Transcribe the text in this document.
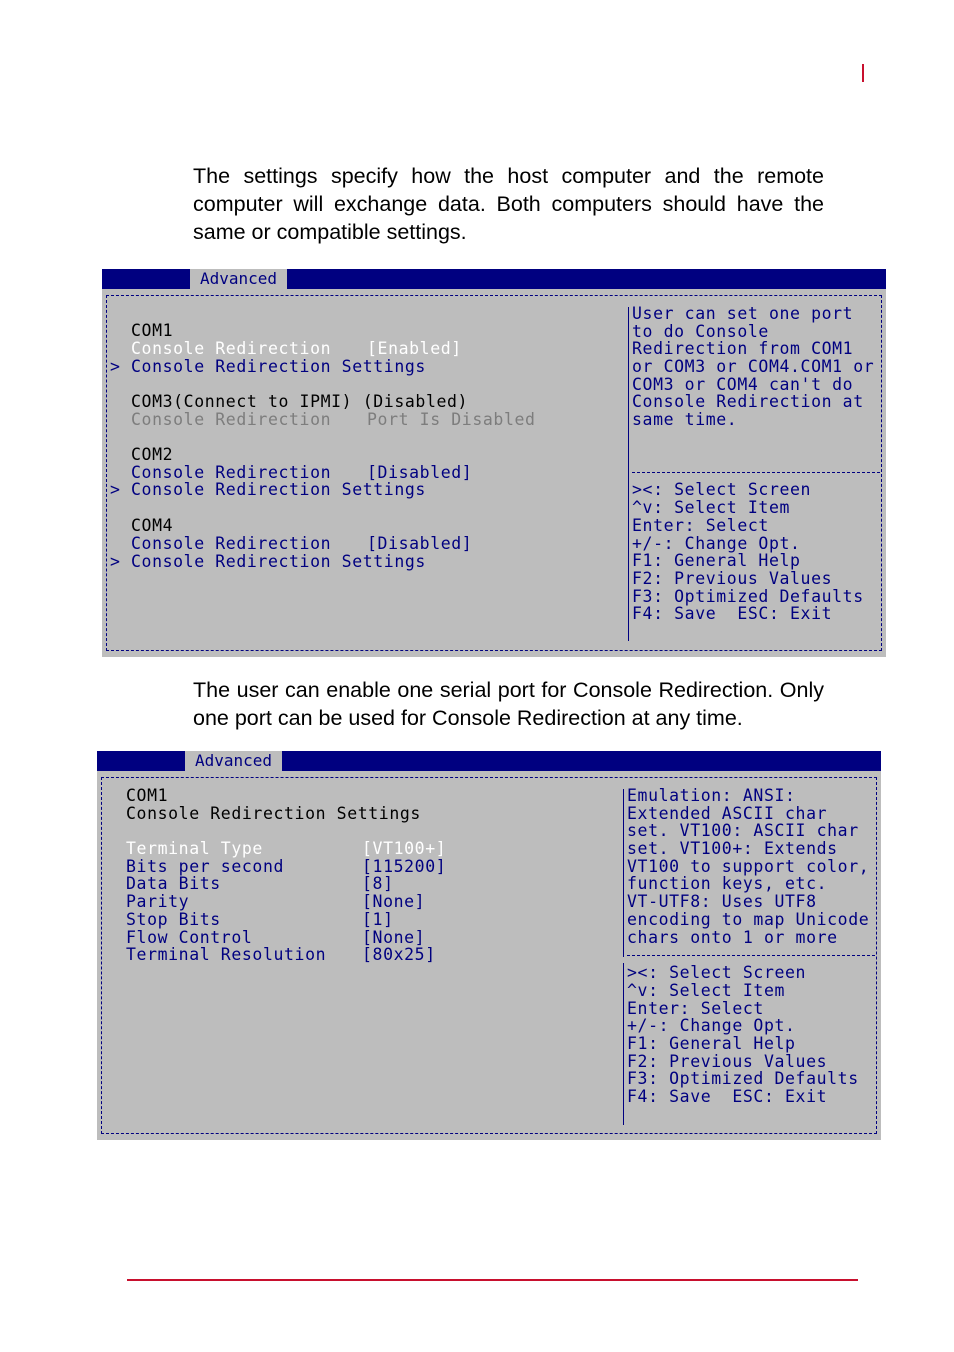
The settings specify how the host computer and the remote computer will exchange data. Both computers should have the same or compatible settings.
Advanced
COM1
Console Redirection [Enabled]
> Console Redirection Settings
COM3(Connect to IPMI) (Disabled)
Console Redirection Port Is Disabled
COM2
Console Redirection [Disabled]
> Console Redirection Settings
COM4
Console Redirection [Disabled]
> Console Redirection Settings
User can set one port
to do Console
Redirection from COM1
or COM3 or COM4.COM1 or
COM3 or COM4 can't do
Console Redirection at
same time.
><: Select Screen
^v: Select Item
Enter: Select
+/-: Change Opt.
F1: General Help
F2: Previous Values
F3: Optimized Defaults
F4: Save  ESC: Exit
The user can enable one serial port for Console Redirection. Only one port can be used for Console Redirection at any time.
Advanced
COM1
Console Redirection Settings
Terminal Type	[VT100+]
Bits per second	[115200]
Data Bits	[8]
Parity	[None]
Stop Bits	[1]
Flow Control	[None]
Terminal Resolution [80x25]
Emulation: ANSI:
Extended ASCII char
set. VT100: ASCII char
set. VT100+: Extends
VT100 to support color,
function keys, etc.
VT-UTF8: Uses UTF8
encoding to map Unicode
chars onto 1 or more
><: Select Screen
^v: Select Item
Enter: Select
+/-: Change Opt.
F1: General Help
F2: Previous Values
F3: Optimized Defaults
F4: Save  ESC: Exit
